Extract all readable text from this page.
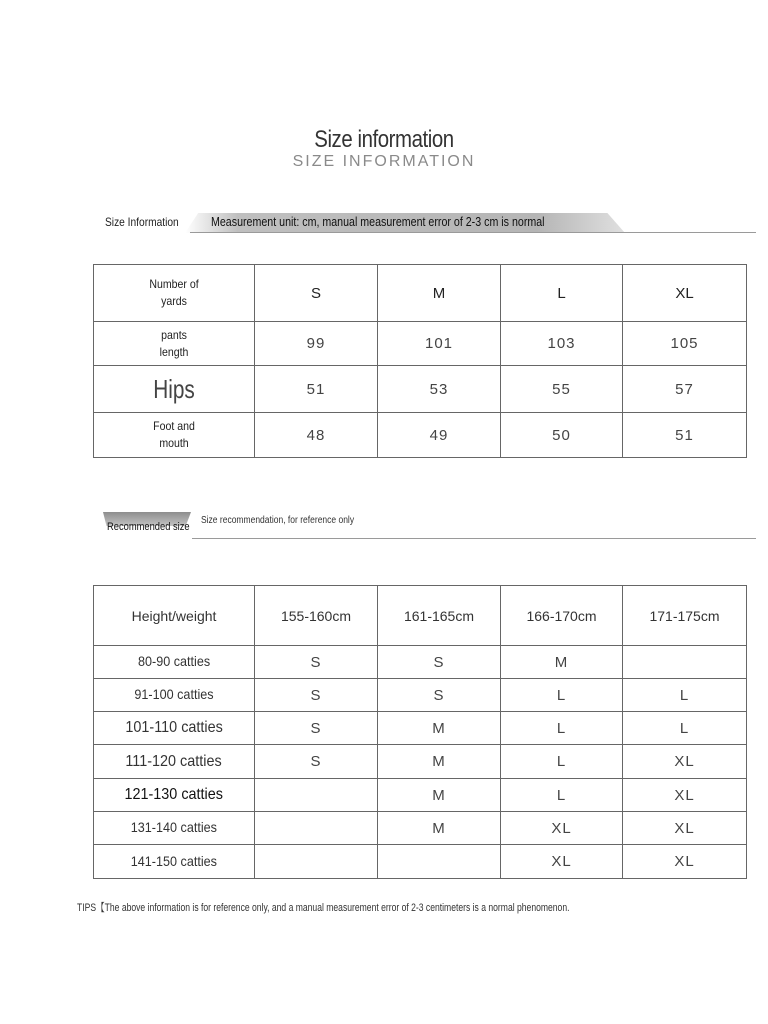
Size information
SIZE INFORMATION
Size Information Measurement unit: cm, manual measurement error of 2-3 cm is normal
Number of yards	S	M	L	XL

pants length	99	101	103	105
Hips	51	53	55	57

Foot and mouth	48	49	50	51
Recommended size
Size recommendation, for reference only
Height/weight	155-160cm	161-165cm	166-170cm	171-175cm
80-90 catties	S	S	M	
91-100 catties	S	S	L	L
101-110 catties	S	M	L	L
111-120 catties	S	M	L	XL
121-130 catties		M	L	XL
131-140 catties		M	XL	XL
141-150 catties			XL	XL
TIPS【The above information is for reference only, and a manual measurement error of 2-3 centimeters is a normal phenomenon.
